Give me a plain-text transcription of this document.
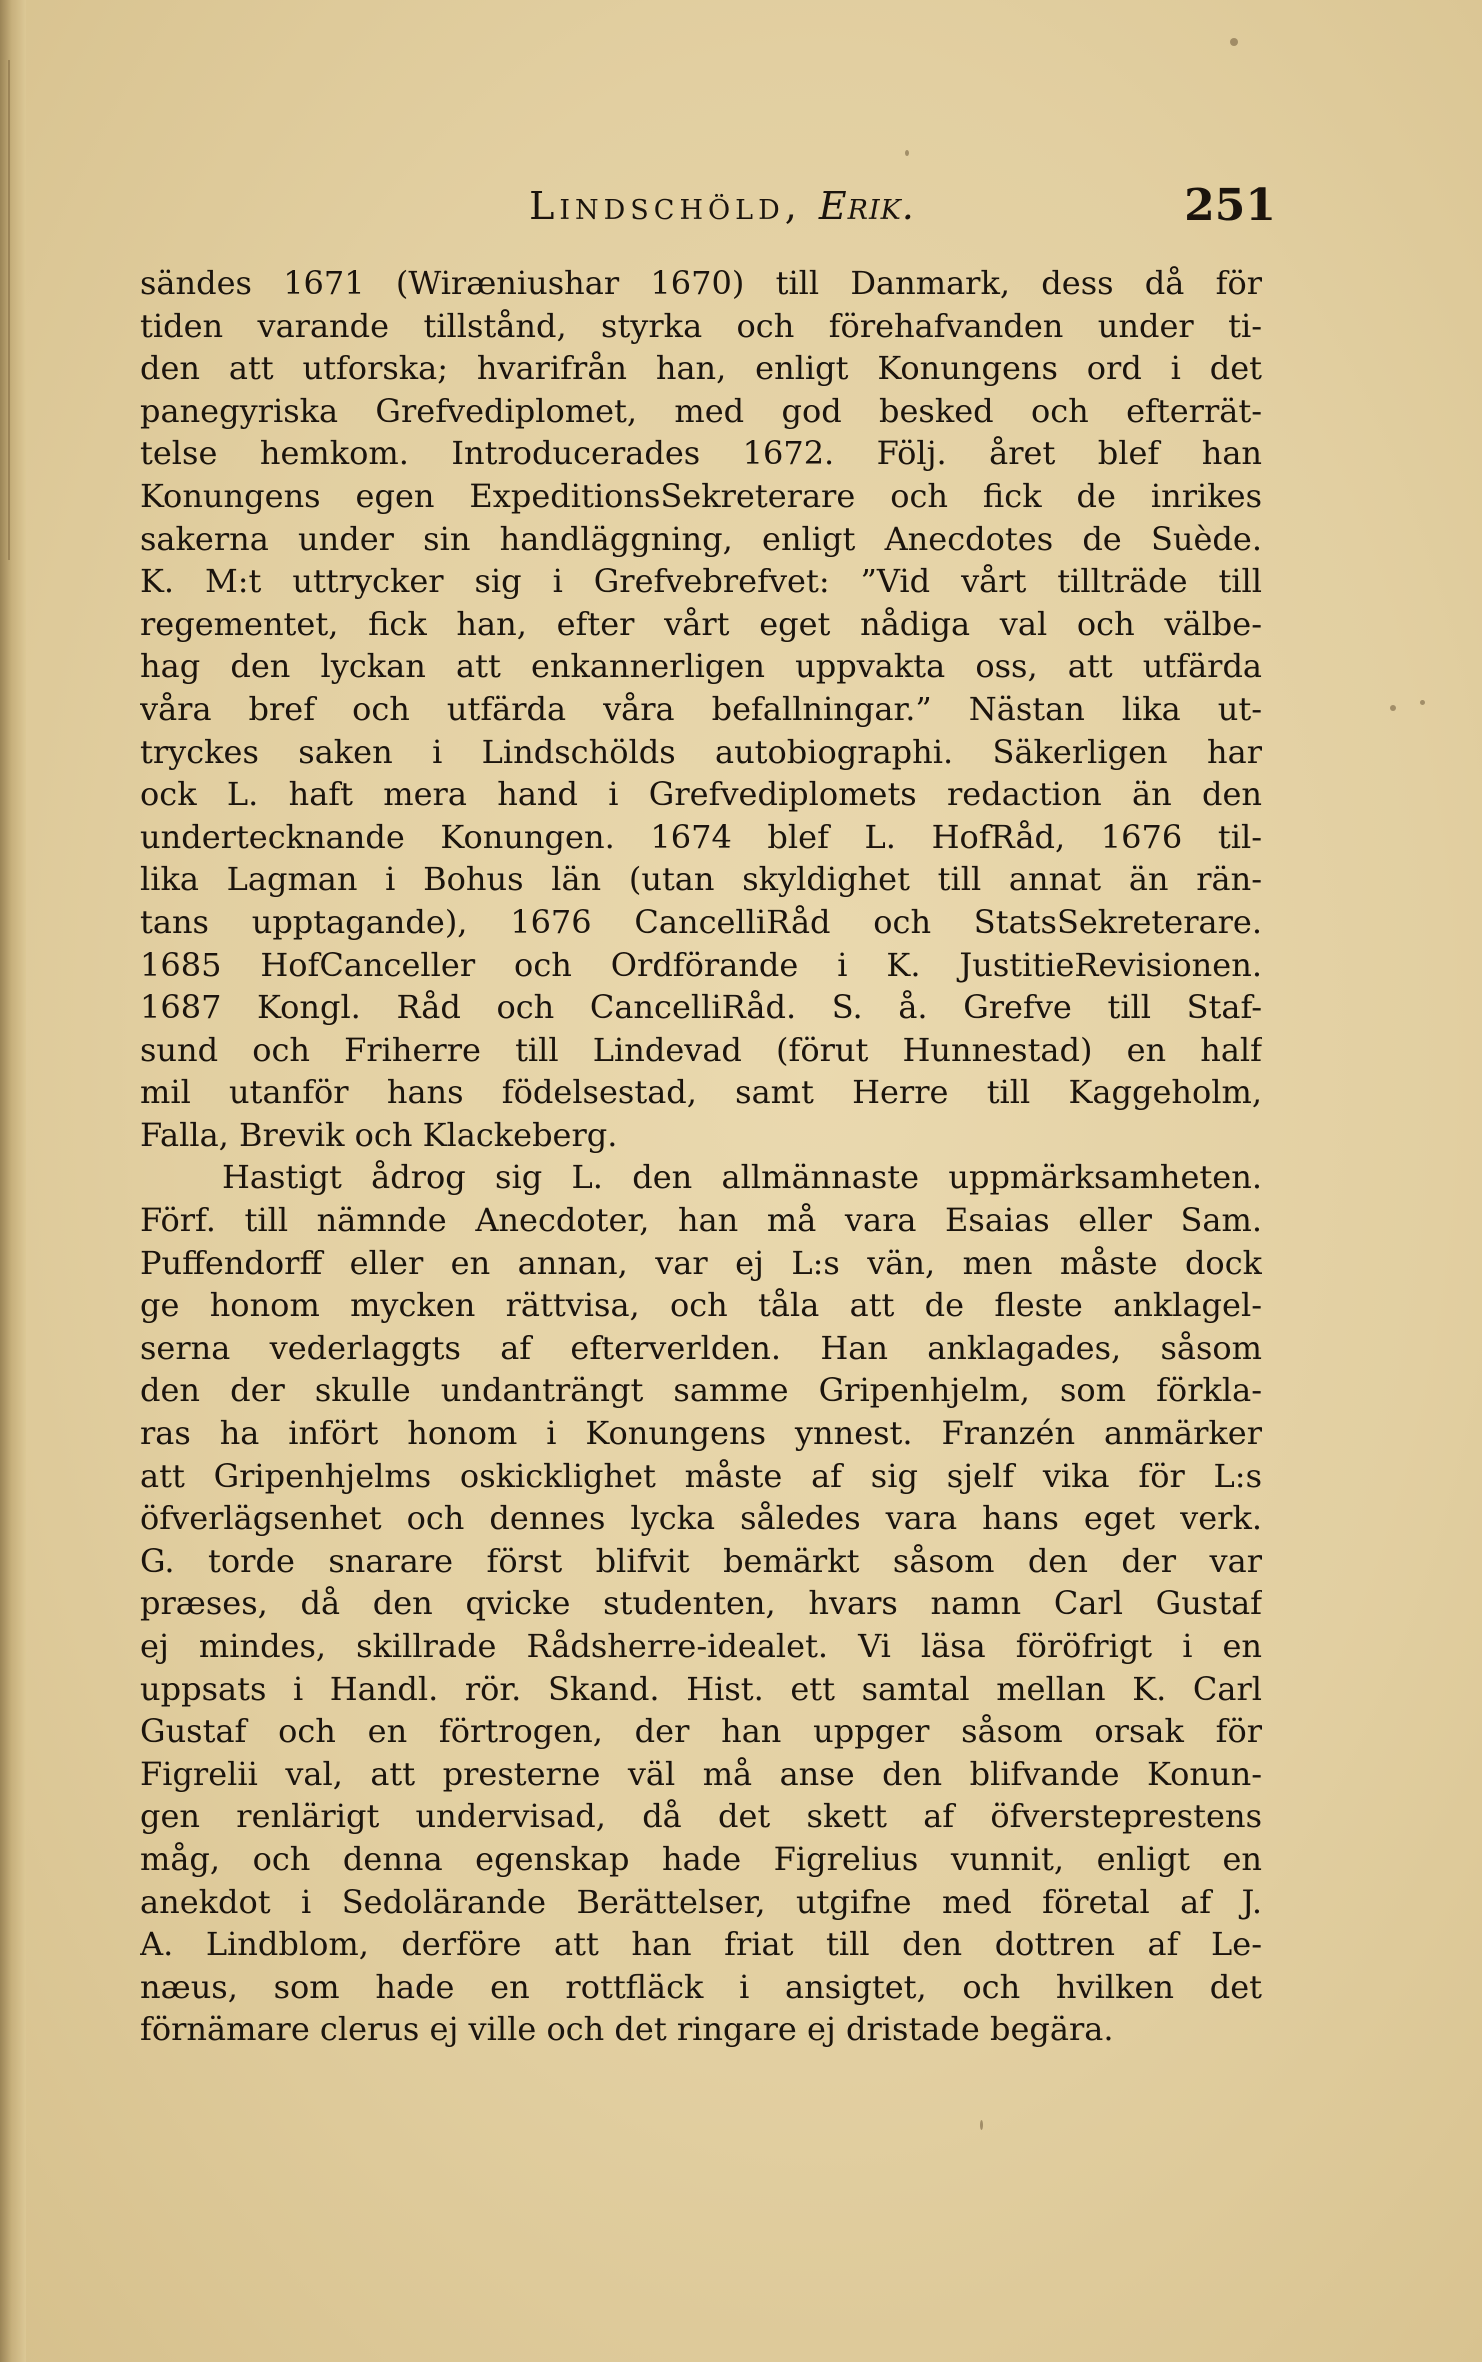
Lindschöld, Erik.	251
sändes 1671 (Wiræniushar 1670) till Danmark, dess då för
tiden varande tillstånd, styrka och förehafvanden under ti-
den att utforska; hvarifrån han, enligt Konungens ord i det
panegyriska Grefvediplomet, med god besked och efterrät-
telse hemkom. Introducerades 1672. Följ. året blef han
Konungens egen ExpeditionsSekreterare och fick de inrikes
sakerna under sin handläggning, enligt Anecdotes de Suède.
K. M:t uttrycker sig i Grefvebrefvet: ”Vid vårt tillträde till
regementet, fick han, efter vårt eget nådiga val och välbe-
hag den lyckan att enkannerligen uppvakta oss, att utfärda
våra bref och utfärda våra befallningar.” Nästan lika ut-
tryckes saken i Lindschölds autobiographi. Säkerligen har
ock L. haft mera hand i Grefvediplomets redaction än den
undertecknande Konungen. 1674 blef L. HofRåd, 1676 til-
lika Lagman i Bohus län (utan skyldighet till annat än rän-
tans upptagande), 1676 CancelliRåd och StatsSekreterare.
1685 HofCanceller och Ordförande i K. JustitieRevisionen.
1687 Kongl. Råd och CancelliRåd. S. å. Grefve till Staf-
sund och Friherre till Lindevad (förut Hunnestad) en half
mil utanför hans födelsestad, samt Herre till Kaggeholm,
Falla, Brevik och Klackeberg.
Hastigt ådrog sig L. den allmännaste uppmärksamheten.
Förf. till nämnde Anecdoter, han må vara Esaias eller Sam.
Puffendorff eller en annan, var ej L:s vän, men måste dock
ge honom mycken rättvisa, och tåla att de fleste anklagel-
serna vederlaggts af efterverlden. Han anklagades, såsom
den der skulle undanträngt samme Gripenhjelm, som förkla-
ras ha infört honom i Konungens ynnest. Franzén anmärker
att Gripenhjelms oskicklighet måste af sig sjelf vika för L:s
öfverlägsenhet och dennes lycka således vara hans eget verk.
G. torde snarare först blifvit bemärkt såsom den der var
præses, då den qvicke studenten, hvars namn Carl Gustaf
ej mindes, skillrade Rådsherre-idealet. Vi läsa föröfrigt i en
uppsats i Handl. rör. Skand. Hist. ett samtal mellan K. Carl
Gustaf och en förtrogen, der han uppger såsom orsak för
Figrelii val, att presterne väl må anse den blifvande Konun-
gen renlärigt undervisad, då det skett af öfversteprestens
måg, och denna egenskap hade Figrelius vunnit, enligt en
anekdot i Sedolärande Berättelser, utgifne med företal af J.
A. Lindblom, derföre att han friat till den dottren af Le-
næus, som hade en rottfläck i ansigtet, och hvilken det
förnämare clerus ej ville och det ringare ej dristade begära.
